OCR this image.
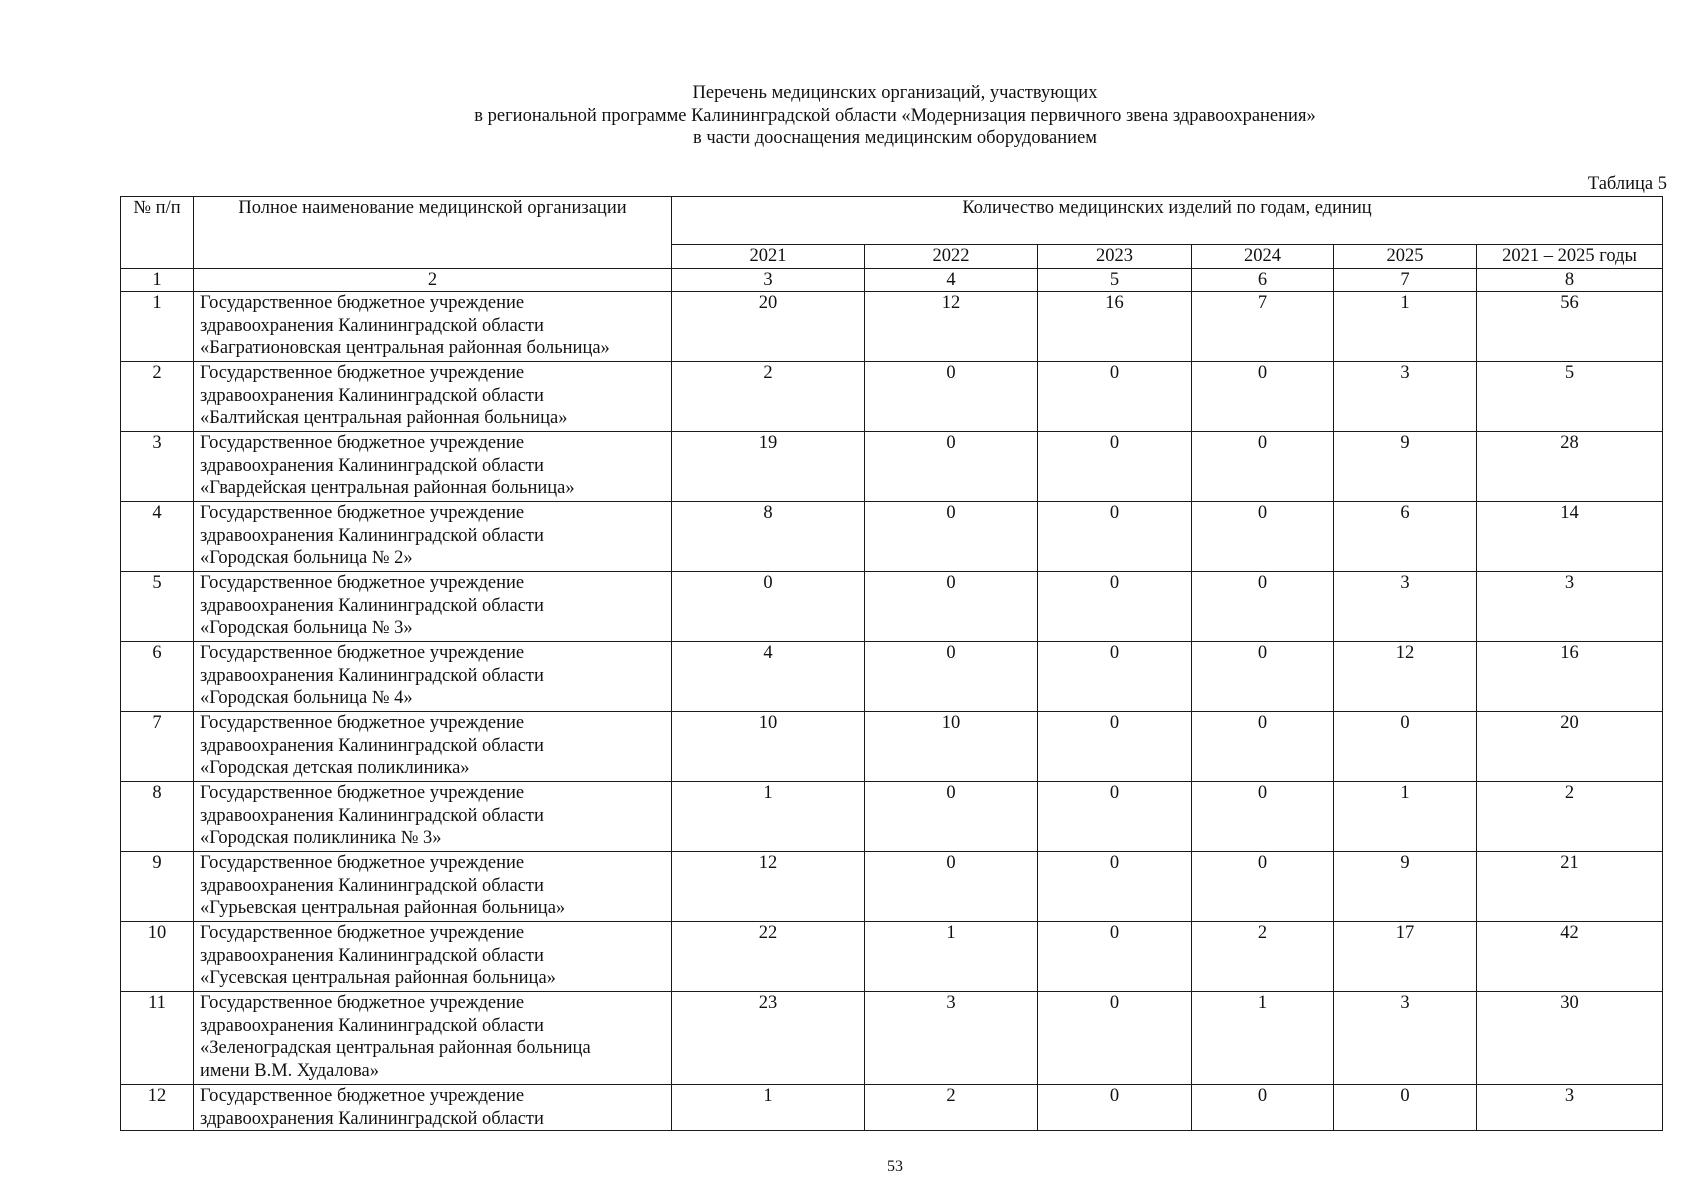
Перечень медицинских организаций, участвующих
в региональной программе Калининградской области «Модернизация первичного звена здравоохранения»
в части дооснащения медицинским оборудованием
Таблица 5
№ п/п	Полное наименование медицинской организации	Количество медицинских изделий по годам, единиц					
		2021	2022	2023	2024	2025	2021 – 2025 годы
1	2	3	4	5	6	7	8
1	Государственное бюджетное учреждение
здравоохранения Калининградской области
«Багратионовская центральная районная больница»	20	12	16	7	1	56
2	Государственное бюджетное учреждение
здравоохранения Калининградской области
«Балтийская центральная районная больница»	2	0	0	0	3	5
3	Государственное бюджетное учреждение
здравоохранения Калининградской области
«Гвардейская центральная районная больница»	19	0	0	0	9	28
4	Государственное бюджетное учреждение
здравоохранения Калининградской области
«Городская больница № 2»	8	0	0	0	6	14
5	Государственное бюджетное учреждение
здравоохранения Калининградской области
«Городская больница № 3»	0	0	0	0	3	3
6	Государственное бюджетное учреждение
здравоохранения Калининградской области
«Городская больница № 4»	4	0	0	0	12	16
7	Государственное бюджетное учреждение
здравоохранения Калининградской области
«Городская детская поликлиника»	10	10	0	0	0	20
8	Государственное бюджетное учреждение
здравоохранения Калининградской области
«Городская поликлиника № 3»	1	0	0	0	1	2
9	Государственное бюджетное учреждение
здравоохранения Калининградской области
«Гурьевская центральная районная больница»	12	0	0	0	9	21
10	Государственное бюджетное учреждение
здравоохранения Калининградской области
«Гусевская центральная районная больница»	22	1	0	2	17	42
11	Государственное бюджетное учреждение
здравоохранения Калининградской области
«Зеленоградская центральная районная больница
имени В.М. Худалова»	23	3	0	1	3	30
12	Государственное бюджетное учреждение
здравоохранения Калининградской области	1	2	0	0	0	3
53
